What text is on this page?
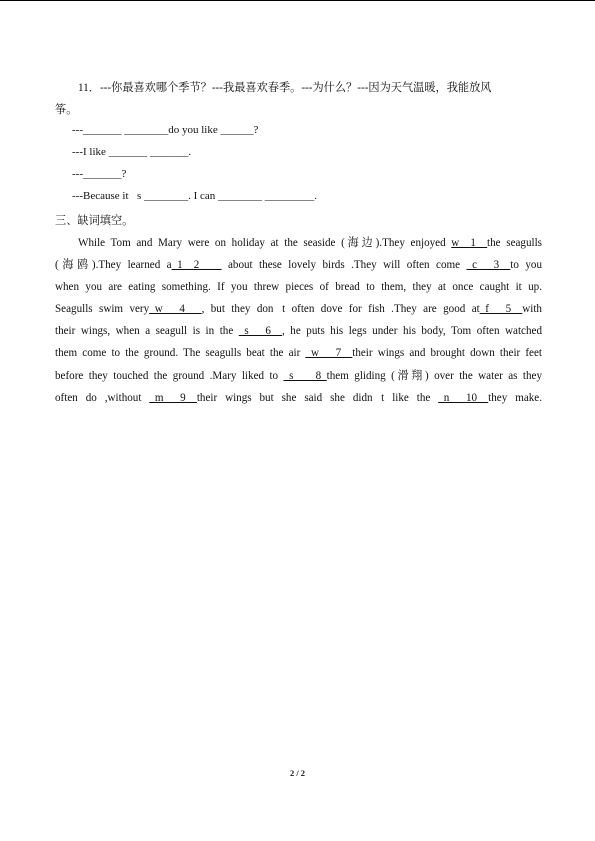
11．---你最喜欢哪个季节？---我最喜欢春季。---为什么？---因为天气温暖，我能放风
筝。
---_______ ________do you like ______?
---I like _______ _______.
---_______?
---Because it s ________. I can ________ _________.
三、缺词填空。
While Tom and Mary were on holiday at the seaside (海边).They enjoyed w__1__the seagulls
(海鸥).They learned a_1__2____ about these lovely birds .They will often come _c___3__to you
when you are eating something. If you threw pieces of bread to them, they at once caught it up.
Seagulls swim very_w___4___, but they don t often dove for fish .They are good at_f___5__with
their wings, when a seagull is in the _s___6__, he puts his legs under his body, Tom often watched
them come to the ground. The seagulls beat the air _w___7__their wings and brought down their feet
before they touched the ground .Mary liked to _s____8_them gliding (滑翔) over the water as they
often do ,without _m___9__their wings but she said she didn t like the _n___10__they make.
2 / 2
